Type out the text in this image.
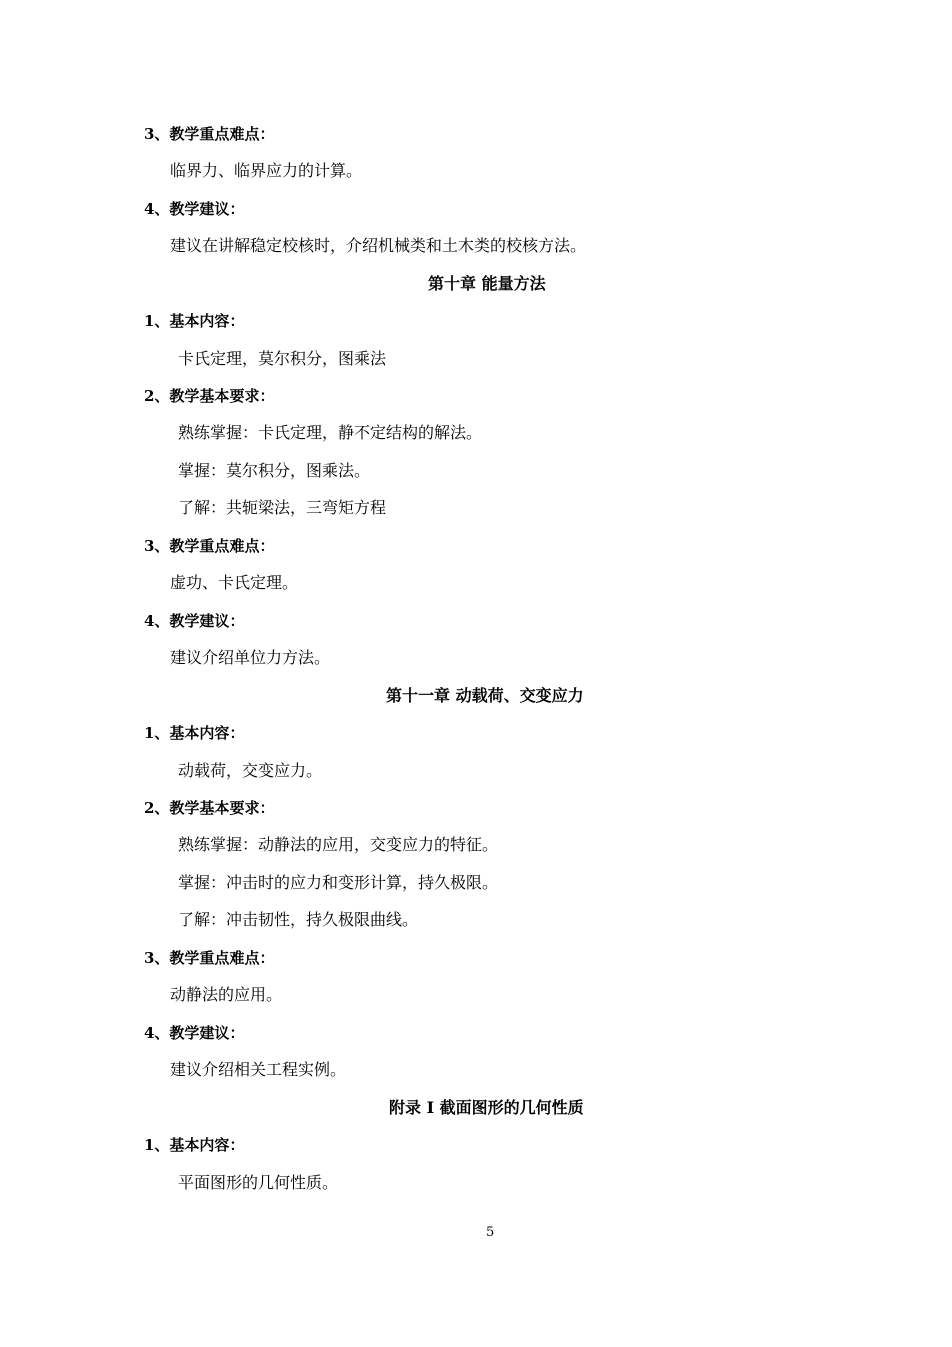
3、教学重点难点：
临界力、临界应力的计算。
4、教学建议：
建议在讲解稳定校核时，介绍机械类和土木类的校核方法。
第十章 能量方法
1、基本内容：
卡氏定理，莫尔积分，图乘法
2、教学基本要求：
熟练掌握：卡氏定理，静不定结构的解法。
掌握：莫尔积分，图乘法。
了解：共轭梁法，三弯矩方程
3、教学重点难点：
虚功、卡氏定理。
4、教学建议：
建议介绍单位力方法。
第十一章 动载荷、交变应力
1、基本内容：
动载荷，交变应力。
2、教学基本要求：
熟练掌握：动静法的应用，交变应力的特征。
掌握：冲击时的应力和变形计算，持久极限。
了解：冲击韧性，持久极限曲线。
3、教学重点难点：
动静法的应用。
4、教学建议：
建议介绍相关工程实例。
附录 I 截面图形的几何性质
1、基本内容：
平面图形的几何性质。
5
